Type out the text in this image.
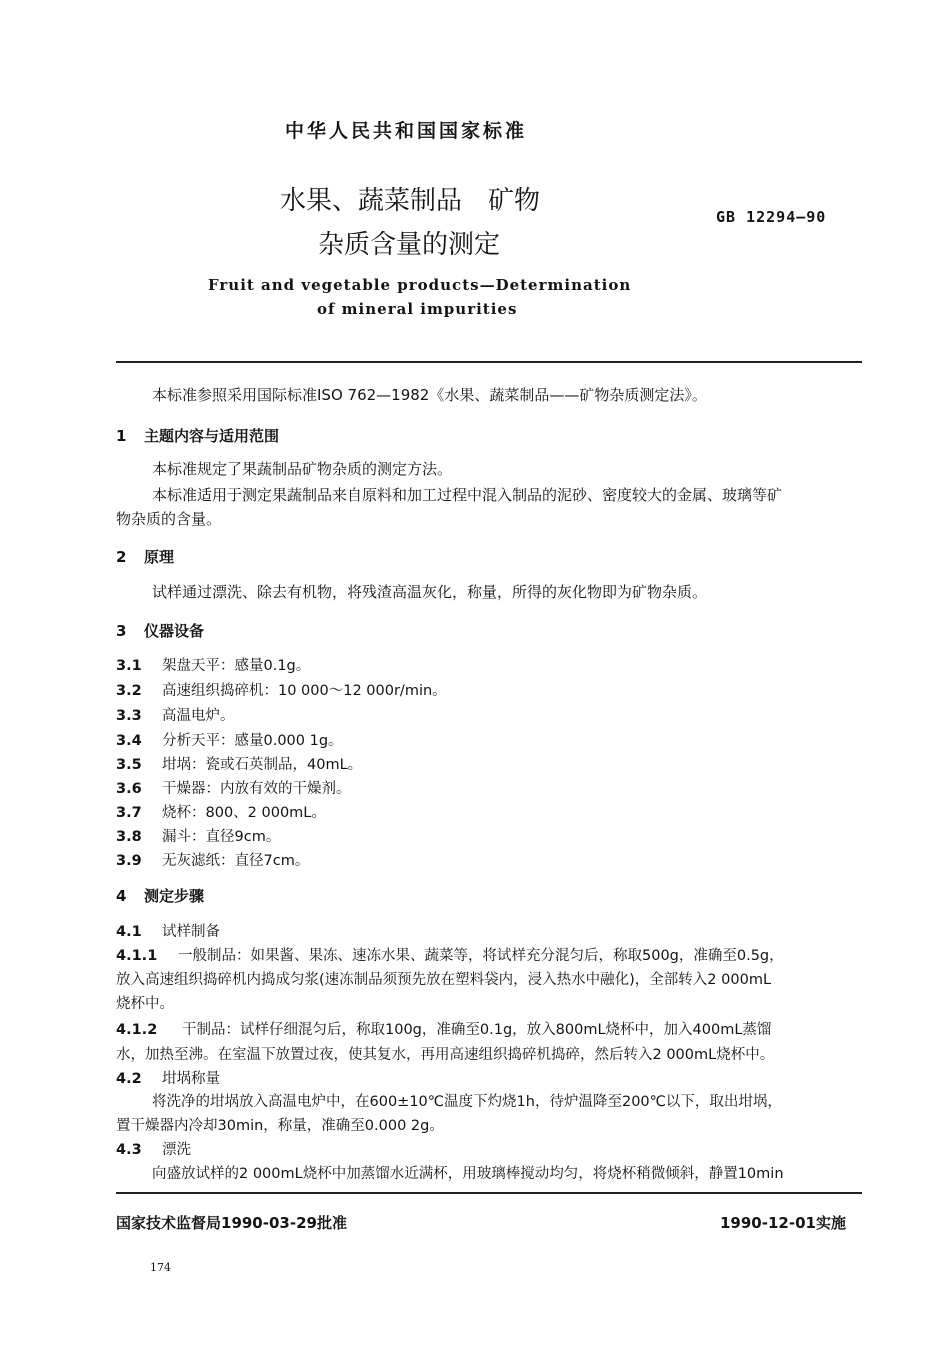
中华人民共和国国家标准
水果、蔬菜制品　矿物
杂质含量的测定
GB 12294—90
Fruit and vegetable products—Determination
of mineral impurities
本标准参照采用国际标准ISO 762—1982《水果、蔬菜制品——矿物杂质测定法》。
1 主题内容与适用范围
本标准规定了果蔬制品矿物杂质的测定方法。
本标准适用于测定果蔬制品来自原料和加工过程中混入制品的泥砂、密度较大的金属、玻璃等矿
物杂质的含量。
2 原理
试样通过漂洗、除去有机物，将残渣高温灰化，称量，所得的灰化物即为矿物杂质。
3 仪器设备
3.1 架盘天平：感量0.1g。
3.2 高速组织捣碎机：10 000～12 000r/min。
3.3 高温电炉。
3.4 分析天平：感量0.000 1g。
3.5 坩埚：瓷或石英制品，40mL。
3.6 干燥器：内放有效的干燥剂。
3.7 烧杯：800、2 000mL。
3.8 漏斗：直径9cm。
3.9 无灰滤纸：直径7cm。
4 测定步骤
4.1 试样制备
4.1.1 一般制品：如果酱、果冻、速冻水果、蔬菜等，将试样充分混匀后，称取500g，准确至0.5g，
放入高速组织捣碎机内捣成匀浆(速冻制品须预先放在塑料袋内，浸入热水中融化)，全部转入2 000mL
烧杯中。
4.1.2 干制品：试样仔细混匀后，称取100g，准确至0.1g，放入800mL烧杯中，加入400mL蒸馏
水，加热至沸。在室温下放置过夜，使其复水，再用高速组织捣碎机捣碎，然后转入2 000mL烧杯中。
4.2 坩埚称量
将洗净的坩埚放入高温电炉中，在600±10℃温度下灼烧1h，待炉温降至200℃以下，取出坩埚，
置干燥器内冷却30min，称量，准确至0.000 2g。
4.3 漂洗
向盛放试样的2 000mL烧杯中加蒸馏水近满杯，用玻璃棒搅动均匀，将烧杯稍微倾斜，静置10min
国家技术监督局1990-03-29批准	1990-12-01实施
174
